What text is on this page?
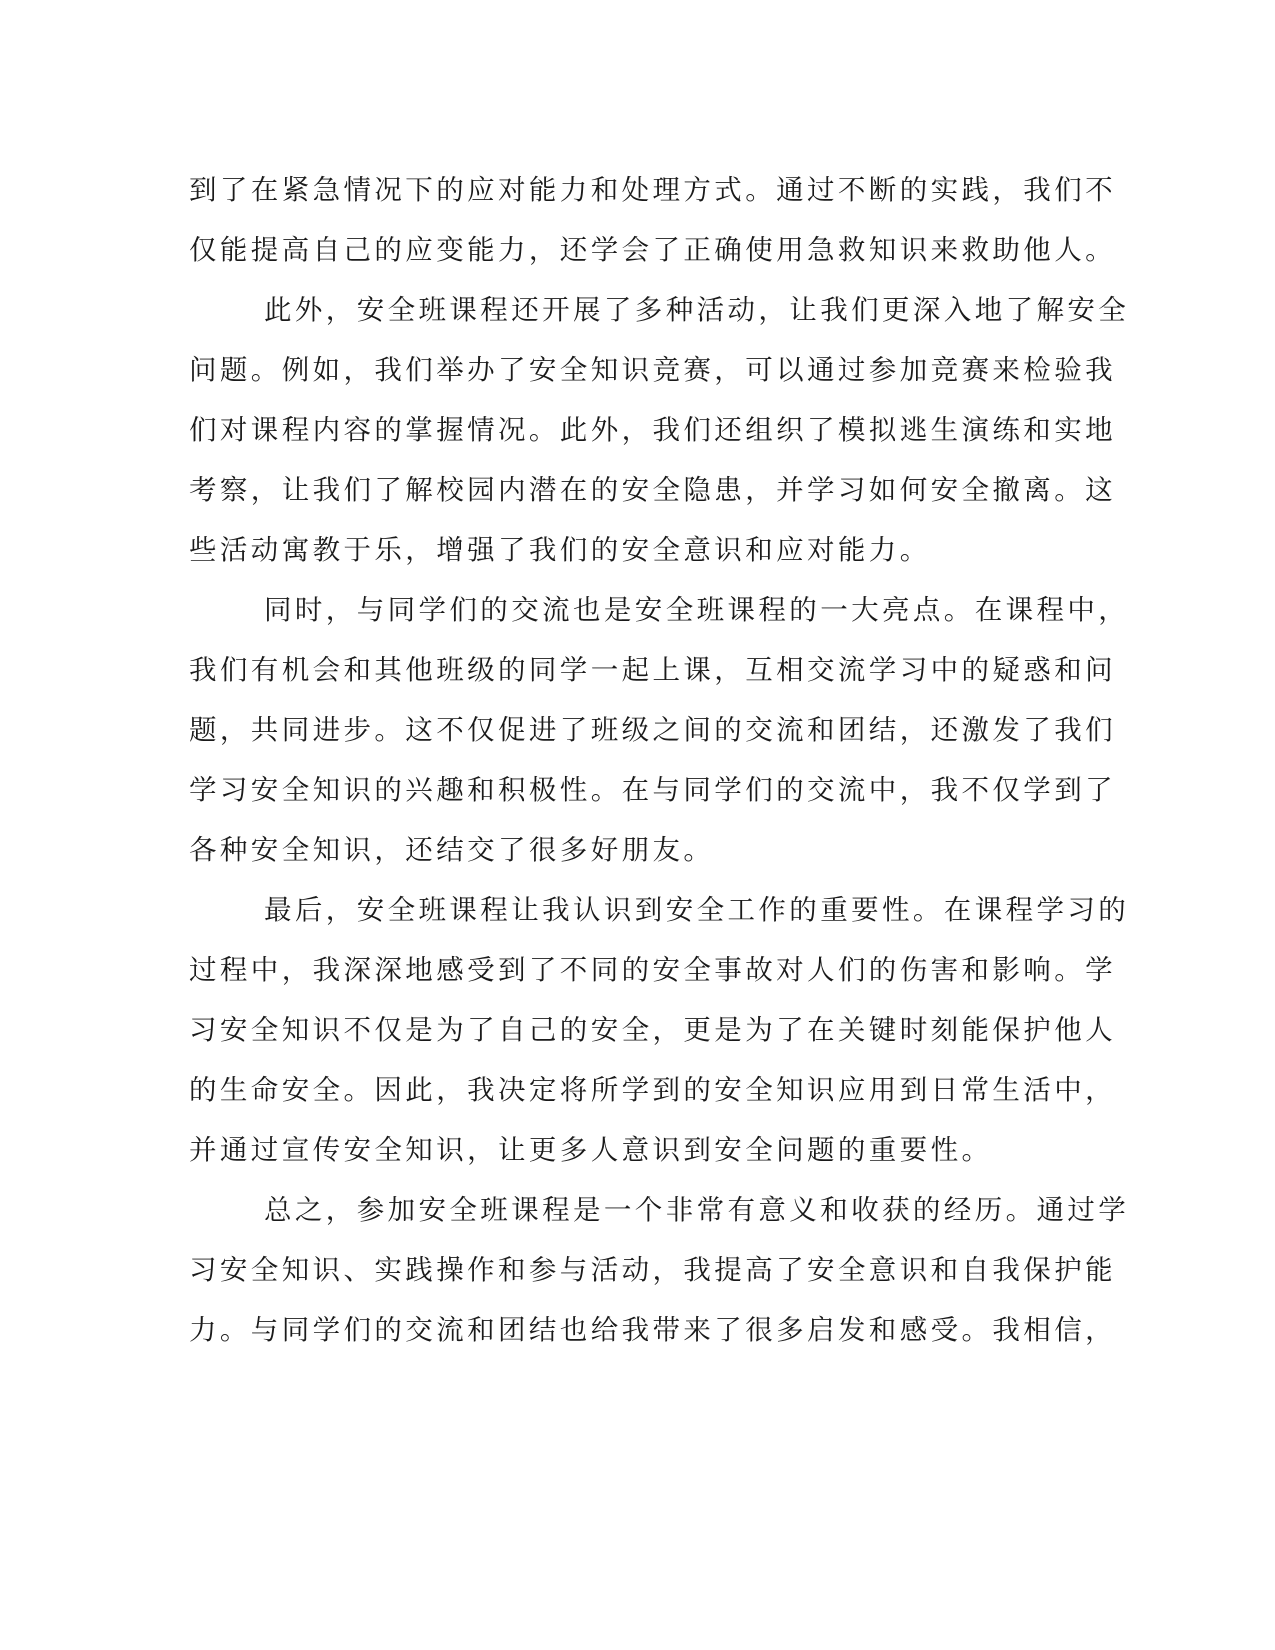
到了在紧急情况下的应对能力和处理方式。通过不断的实践，我们不
仅能提高自己的应变能力，还学会了正确使用急救知识来救助他人。
此外，安全班课程还开展了多种活动，让我们更深入地了解安全
问题。例如，我们举办了安全知识竞赛，可以通过参加竞赛来检验我
们对课程内容的掌握情况。此外，我们还组织了模拟逃生演练和实地
考察，让我们了解校园内潜在的安全隐患，并学习如何安全撤离。这
些活动寓教于乐，增强了我们的安全意识和应对能力。
同时，与同学们的交流也是安全班课程的一大亮点。在课程中，
我们有机会和其他班级的同学一起上课，互相交流学习中的疑惑和问
题，共同进步。这不仅促进了班级之间的交流和团结，还激发了我们
学习安全知识的兴趣和积极性。在与同学们的交流中，我不仅学到了
各种安全知识，还结交了很多好朋友。
最后，安全班课程让我认识到安全工作的重要性。在课程学习的
过程中，我深深地感受到了不同的安全事故对人们的伤害和影响。学
习安全知识不仅是为了自己的安全，更是为了在关键时刻能保护他人
的生命安全。因此，我决定将所学到的安全知识应用到日常生活中，
并通过宣传安全知识，让更多人意识到安全问题的重要性。
总之，参加安全班课程是一个非常有意义和收获的经历。通过学
习安全知识、实践操作和参与活动，我提高了安全意识和自我保护能
力。与同学们的交流和团结也给我带来了很多启发和感受。我相信，
